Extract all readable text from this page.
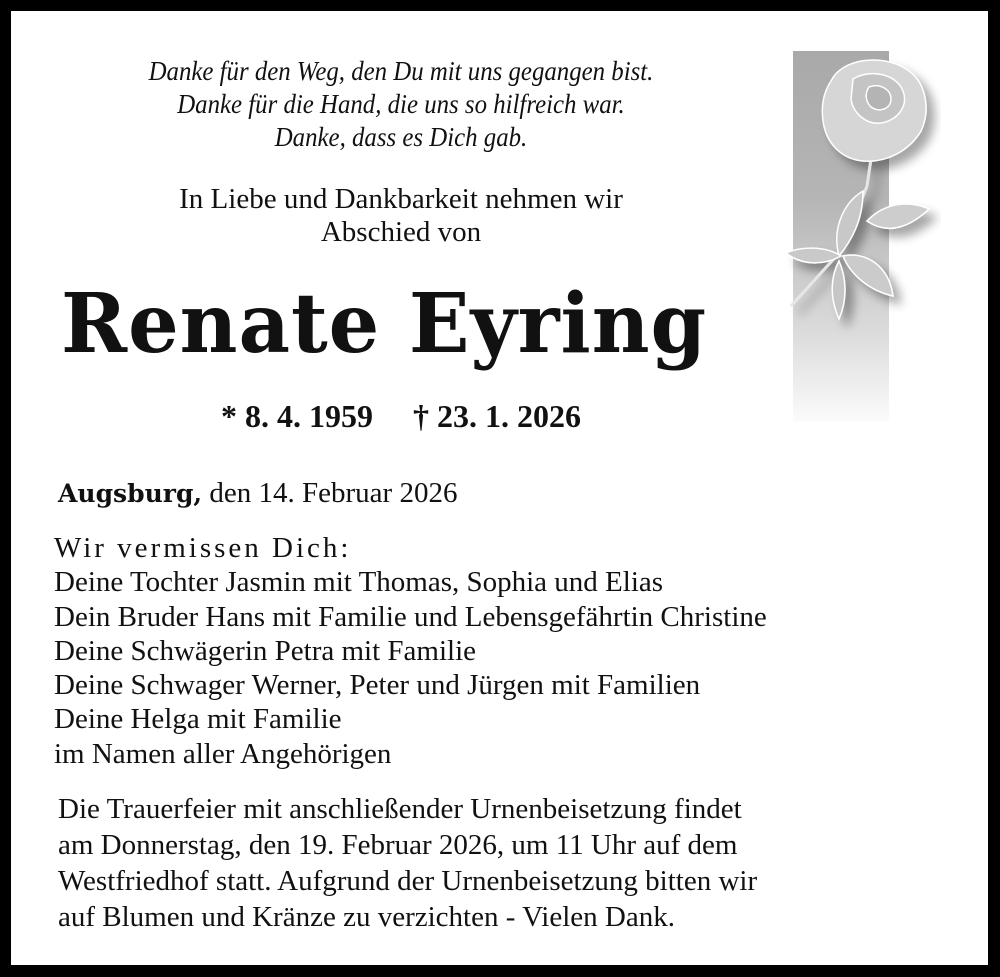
Danke für den Weg, den Du mit uns gegangen bist.
Danke für die Hand, die uns so hilfreich war.
Danke, dass es Dich gab.
In Liebe und Dankbarkeit nehmen wir
Abschied von
Renate Eyring
* 8. 4. 1959 † 23. 1. 2026
Augsburg, den 14. Februar 2026
Wir vermissen Dich:
Deine Tochter Jasmin mit Thomas, Sophia und Elias
Dein Bruder Hans mit Familie und Lebensgefährtin Christine
Deine Schwägerin Petra mit Familie
Deine Schwager Werner, Peter und Jürgen mit Familien
Deine Helga mit Familie
im Namen aller Angehörigen
Die Trauerfeier mit anschließender Urnenbeisetzung findet
am Donnerstag, den 19. Februar 2026, um 11 Uhr auf dem
Westfriedhof statt. Aufgrund der Urnenbeisetzung bitten wir
auf Blumen und Kränze zu verzichten - Vielen Dank.
